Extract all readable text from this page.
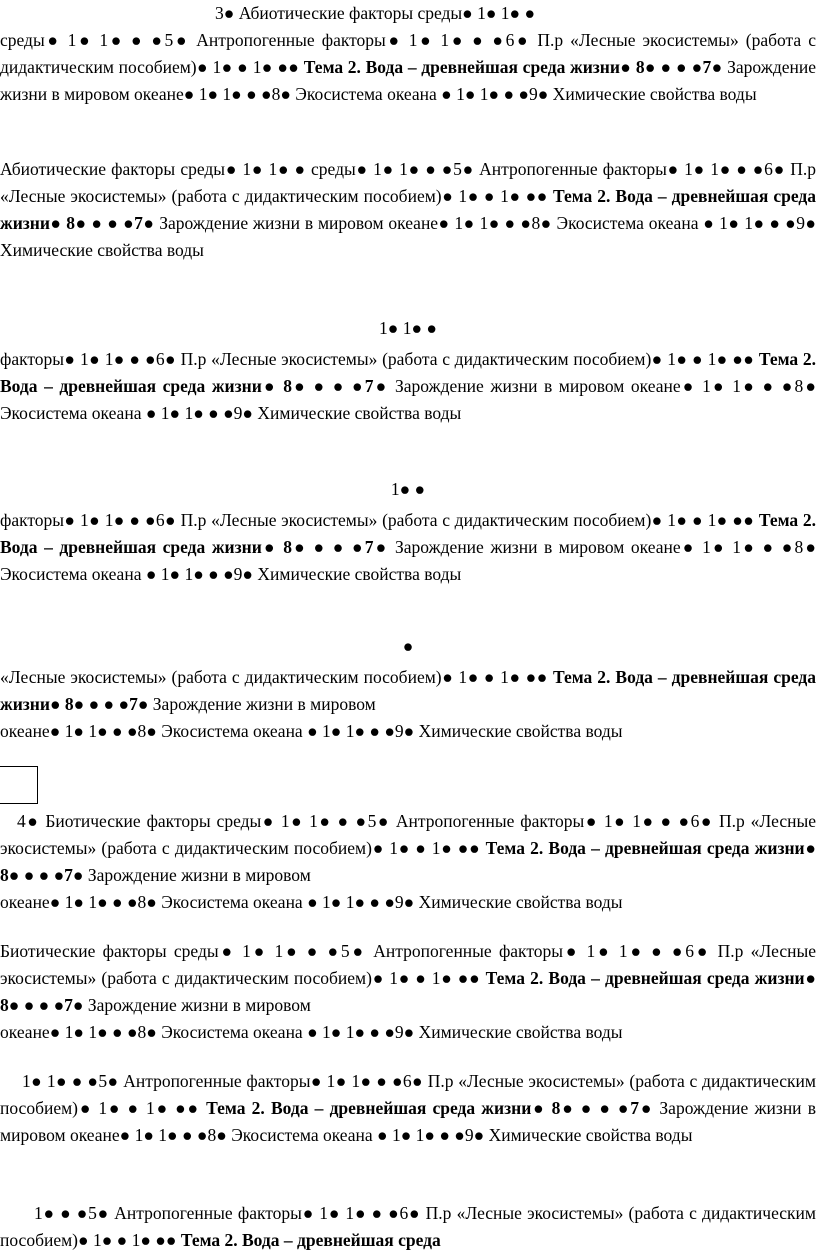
3● Абиотические факторы среды● 1● 1● ●
среды● 1● 1● ● ●5● Антропогенные факторы● 1● 1● ● ●6● П.р «Лесные экосистемы» (работа с дидактическим пособием)● 1● ● 1● ●● Тема 2. Вода – древнейшая среда жизни● 8● ● ● ●7● Зарождение жизни в мировом океане● 1● 1● ● ●8● Экосистема океана ● 1● 1● ● ●9● Химические свойства воды

Абиотические факторы среды● 1● 1● ● среды● 1● 1● ● ●5● Антропогенные факторы● 1● 1● ● ●6● П.р «Лесные экосистемы» (работа с дидактическим пособием)● 1● ● 1● ●● Тема 2. Вода – древнейшая среда жизни● 8● ● ● ●7● Зарождение жизни в мировом океане● 1● 1● ● ●8● Экосистема океана ● 1● 1● ● ●9● Химические свойства воды

1● 1● ●

факторы● 1● 1● ● ●6● П.р «Лесные экосистемы» (работа с дидактическим пособием)● 1● ● 1● ●● Тема 2. Вода – древнейшая среда жизни● 8● ● ● ●7● Зарождение жизни в мировом океане● 1● 1● ● ●8● Экосистема океана ● 1● 1● ● ●9● Химические свойства воды

1● ●

факторы● 1● 1● ● ●6● П.р «Лесные экосистемы» (работа с дидактическим пособием)● 1● ● 1● ●● Тема 2. Вода – древнейшая среда жизни● 8● ● ● ●7● Зарождение жизни в мировом океане● 1● 1● ● ●8● Экосистема океана ● 1● 1● ● ●9● Химические свойства воды

●

«Лесные экосистемы» (работа с дидактическим пособием)● 1● ● 1● ●● Тема 2. Вода – древнейшая среда жизни● 8● ● ● ●7● Зарождение жизни в мировом
океане● 1● 1● ● ●8● Экосистема океана ● 1● 1● ● ●9● Химические свойства воды

4● Биотические факторы среды● 1● 1● ● ●5● Антропогенные факторы● 1● 1● ● ●6● П.р «Лесные экосистемы» (работа с дидактическим пособием)● 1● ● 1● ●● Тема 2. Вода – древнейшая среда жизни● 8● ● ● ●7● Зарождение жизни в мировом
океане● 1● 1● ● ●8● Экосистема океана ● 1● 1● ● ●9● Химические свойства воды

Биотические факторы среды● 1● 1● ● ●5● Антропогенные факторы● 1● 1● ● ●6● П.р «Лесные экосистемы» (работа с дидактическим пособием)● 1● ● 1● ●● Тема 2. Вода – древнейшая среда жизни● 8● ● ● ●7● Зарождение жизни в мировом
океане● 1● 1● ● ●8● Экосистема океана ● 1● 1● ● ●9● Химические свойства воды

1● 1● ● ●5● Антропогенные факторы● 1● 1● ● ●6● П.р «Лесные экосистемы» (работа с дидактическим пособием)● 1● ● 1● ●● Тема 2. Вода – древнейшая среда жизни● 8● ● ● ●7● Зарождение жизни в мировом океане● 1● 1● ● ●8● Экосистема океана ● 1● 1● ● ●9● Химические свойства воды

1● ● ●5● Антропогенные факторы● 1● 1● ● ●6● П.р «Лесные экосистемы» (работа с дидактическим пособием)● 1● ● 1● ●● Тема 2. Вода – древнейшая среда
